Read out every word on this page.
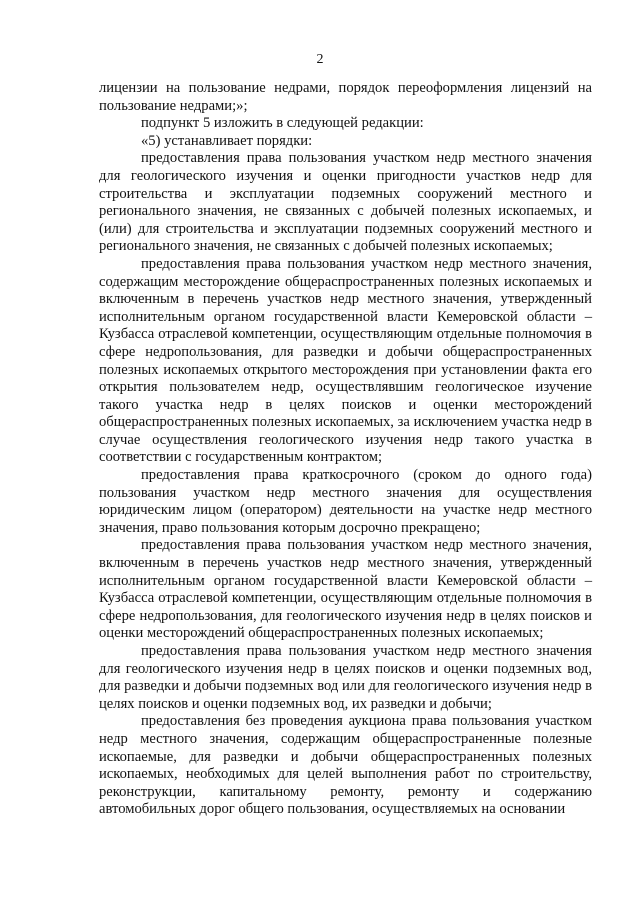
2

лицензии на пользование недрами, порядок переоформления лицензий на пользование недрами;»;

подпункт 5 изложить в следующей редакции:

«5) устанавливает порядки:

предоставления права пользования участком недр местного значения для геологического изучения и оценки пригодности участков недр для строительства и эксплуатации подземных сооружений местного и регионального значения, не связанных с добычей полезных ископаемых, и (или) для строительства и эксплуатации подземных сооружений местного и регионального значения, не связанных с добычей полезных ископаемых;

предоставления права пользования участком недр местного значения, содержащим месторождение общераспространенных полезных ископаемых и включенным в перечень участков недр местного значения, утвержденный исполнительным органом государственной власти Кемеровской области – Кузбасса отраслевой компетенции, осуществляющим отдельные полномочия в сфере недропользования, для разведки и добычи общераспространенных полезных ископаемых открытого месторождения при установлении факта его открытия пользователем недр, осуществлявшим геологическое изучение такого участка недр в целях поисков и оценки месторождений общераспространенных полезных ископаемых, за исключением участка недр в случае осуществления геологического изучения недр такого участка в соответствии с государственным контрактом;

предоставления права краткосрочного (сроком до одного года) пользования участком недр местного значения для осуществления юридическим лицом (оператором) деятельности на участке недр местного значения, право пользования которым досрочно прекращено;

предоставления права пользования участком недр местного значения, включенным в перечень участков недр местного значения, утвержденный исполнительным органом государственной власти Кемеровской области – Кузбасса отраслевой компетенции, осуществляющим отдельные полномочия в сфере недропользования, для геологического изучения недр в целях поисков и оценки месторождений общераспространенных полезных ископаемых;

предоставления права пользования участком недр местного значения для геологического изучения недр в целях поисков и оценки подземных вод, для разведки и добычи подземных вод или для геологического изучения недр в целях поисков и оценки подземных вод, их разведки и добычи;

предоставления без проведения аукциона права пользования участком недр местного значения, содержащим общераспространенные полезные ископаемые, для разведки и добычи общераспространенных полезных ископаемых, необходимых для целей выполнения работ по строительству, реконструкции, капитальному ремонту, ремонту и содержанию автомобильных дорог общего пользования, осуществляемых на основании
